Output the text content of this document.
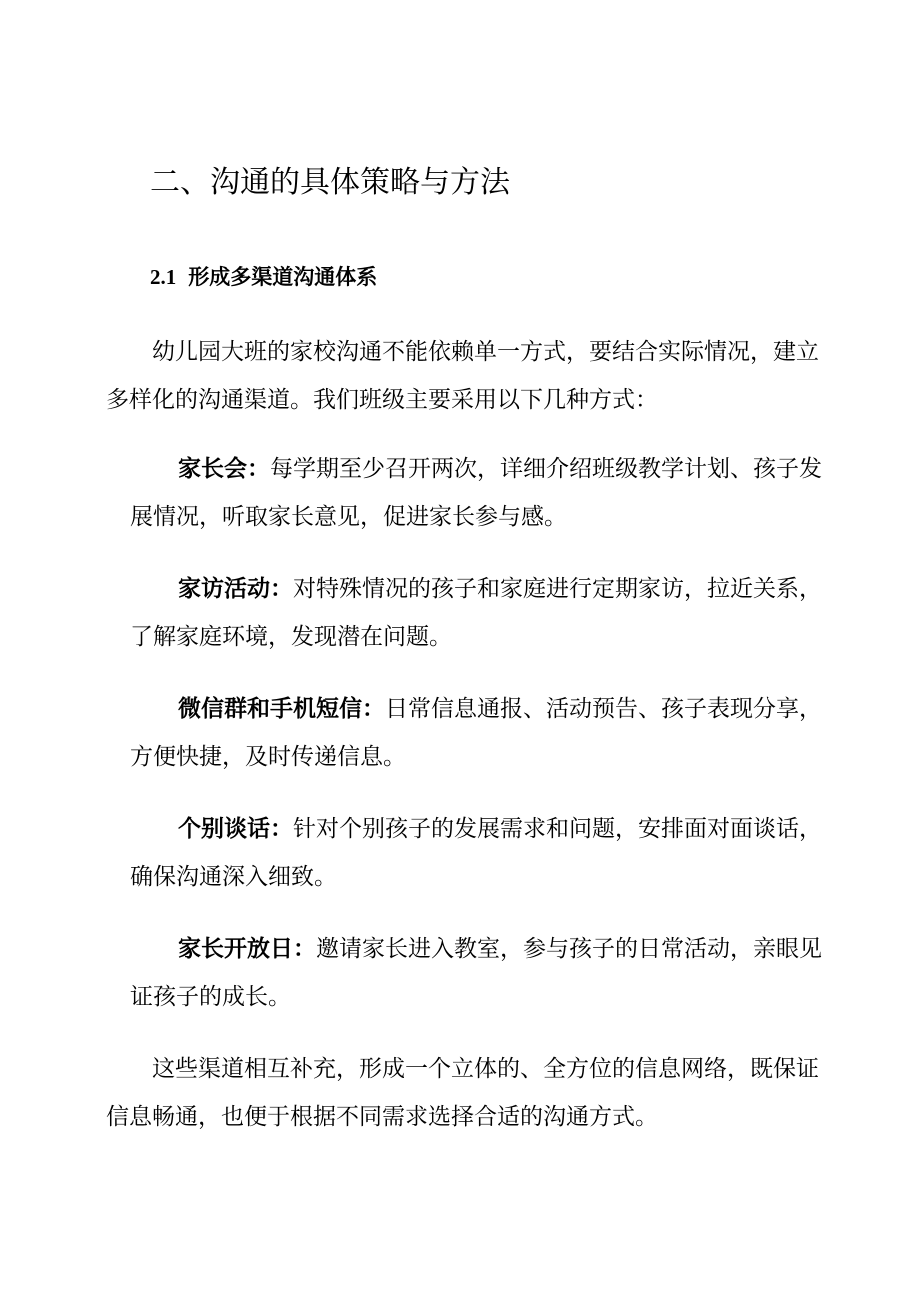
二、沟通的具体策略与方法
2.1 形成多渠道沟通体系

幼儿园大班的家校沟通不能依赖单一方式，要结合实际情况，建立
多样化的沟通渠道。我们班级主要采用以下几种方式：

家长会：每学期至少召开两次，详细介绍班级教学计划、孩子发
展情况，听取家长意见，促进家长参与感。

家访活动：对特殊情况的孩子和家庭进行定期家访，拉近关系，
了解家庭环境，发现潜在问题。

微信群和手机短信：日常信息通报、活动预告、孩子表现分享，
方便快捷，及时传递信息。

个别谈话：针对个别孩子的发展需求和问题，安排面对面谈话，
确保沟通深入细致。

家长开放日：邀请家长进入教室，参与孩子的日常活动，亲眼见
证孩子的成长。

这些渠道相互补充，形成一个立体的、全方位的信息网络，既保证
信息畅通，也便于根据不同需求选择合适的沟通方式。
